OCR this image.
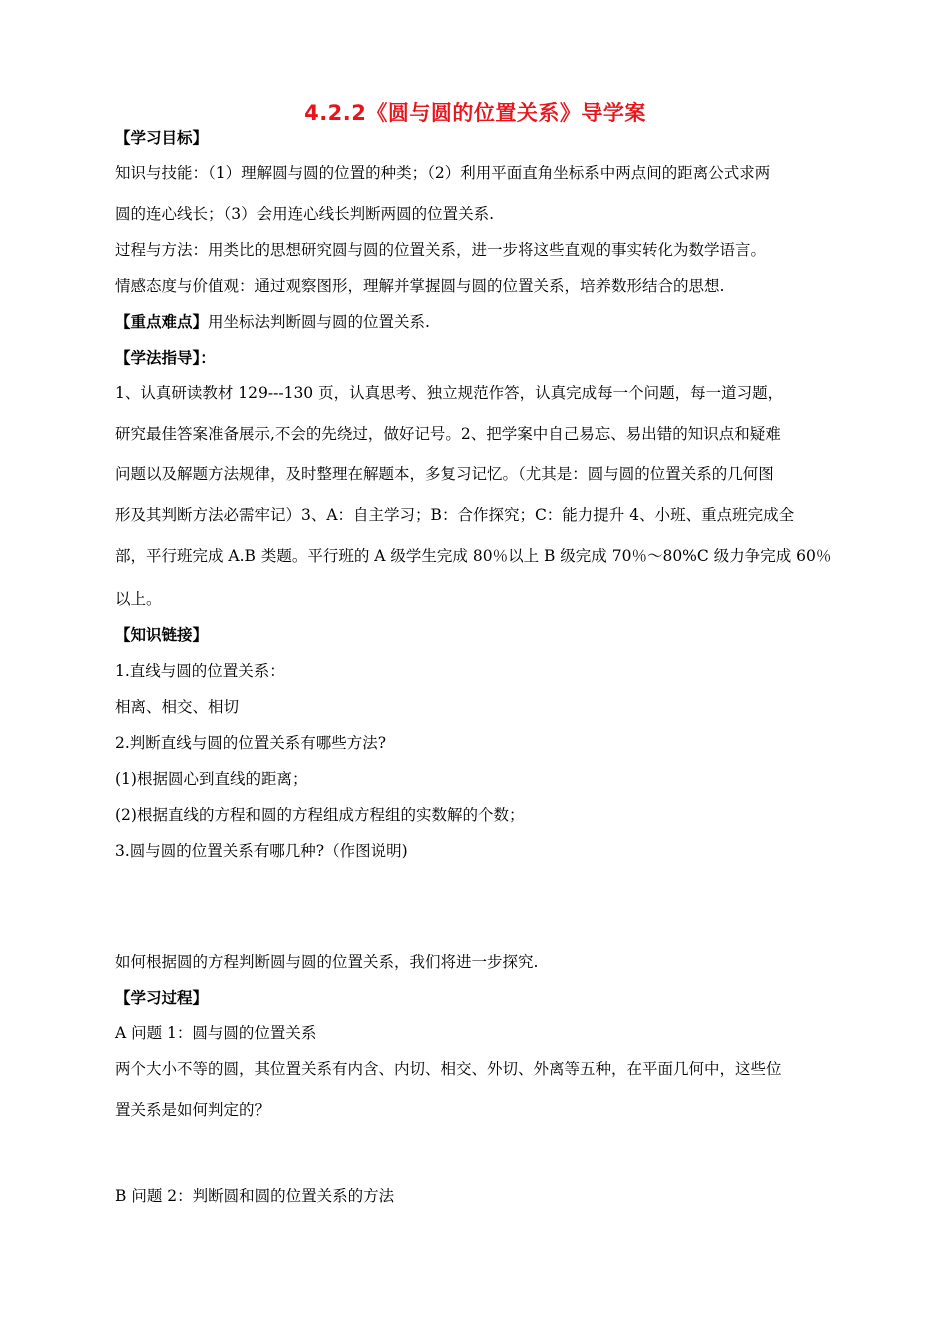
4.2.2《圆与圆的位置关系》导学案
【学习目标】
知识与技能：（1）理解圆与圆的位置的种类；（2）利用平面直角坐标系中两点间的距离公式求两
圆的连心线长；（3）会用连心线长判断两圆的位置关系.
过程与方法：用类比的思想研究圆与圆的位置关系，进一步将这些直观的事实转化为数学语言。
情感态度与价值观：通过观察图形，理解并掌握圆与圆的位置关系，培养数形结合的思想.
【重点难点】用坐标法判断圆与圆的位置关系.
【学法指导】：
1、认真研读教材 129---130 页，认真思考、独立规范作答，认真完成每一个问题，每一道习题，
研究最佳答案准备展示,不会的先绕过，做好记号。2、把学案中自己易忘、易出错的知识点和疑难
问题以及解题方法规律，及时整理在解题本，多复习记忆。（尤其是：圆与圆的位置关系的几何图
形及其判断方法必需牢记）3、A：自主学习；B：合作探究；C：能力提升 4、小班、重点班完成全
部，平行班完成 A.B 类题。平行班的 A 级学生完成 80％以上 B 级完成 70％～80%C 级力争完成 60％
以上。
【知识链接】
1.直线与圆的位置关系：
相离、相交、相切
2.判断直线与圆的位置关系有哪些方法?
(1)根据圆心到直线的距离；
(2)根据直线的方程和圆的方程组成方程组的实数解的个数；
3.圆与圆的位置关系有哪几种?（作图说明)
如何根据圆的方程判断圆与圆的位置关系，我们将进一步探究.
【学习过程】
A 问题 1：圆与圆的位置关系
两个大小不等的圆，其位置关系有内含、内切、相交、外切、外离等五种，在平面几何中，这些位
置关系是如何判定的？
B 问题 2：判断圆和圆的位置关系的方法
